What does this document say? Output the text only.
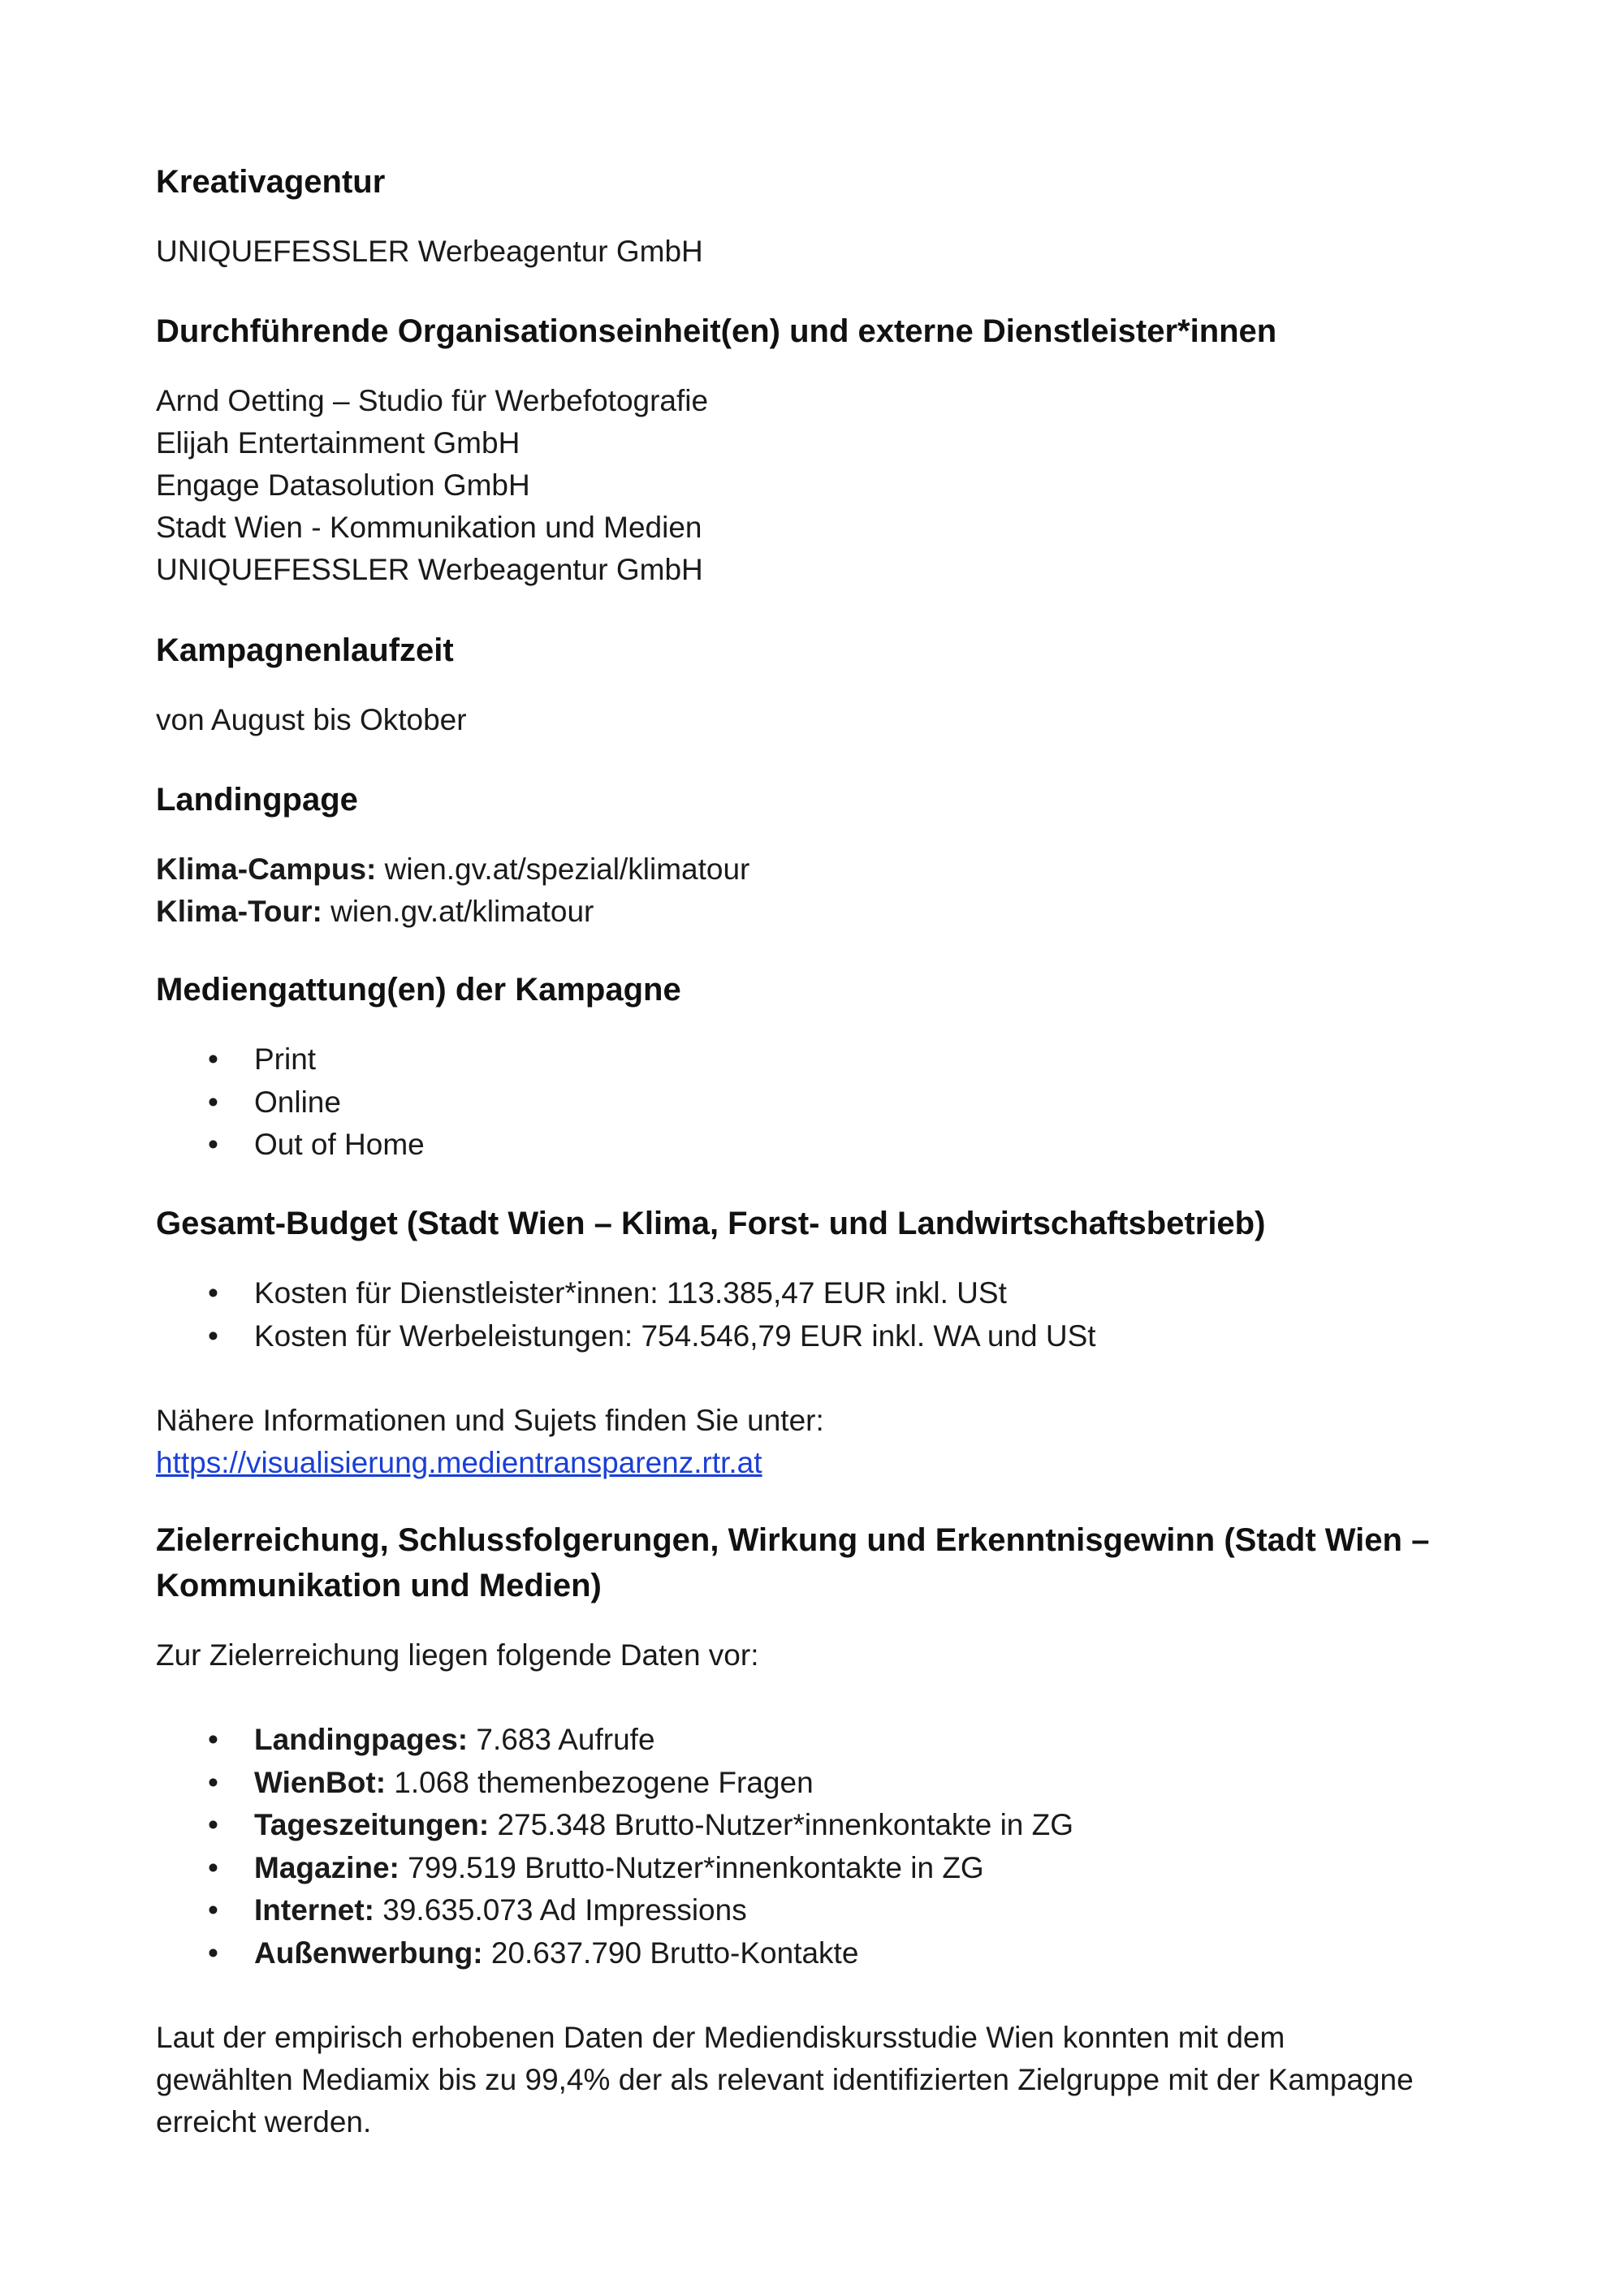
Kreativagentur

UNIQUEFESSLER Werbeagentur GmbH

Durchführende Organisationseinheit(en) und externe Dienstleister*innen
Arnd Oetting – Studio für Werbefotografie
Elijah Entertainment GmbH
Engage Datasolution GmbH
Stadt Wien - Kommunikation und Medien
UNIQUEFESSLER Werbeagentur GmbH
Kampagnenlaufzeit

von August bis Oktober

Landingpage
Klima-Campus: wien.gv.at/spezial/klimatour
Klima-Tour: wien.gv.at/klimatour
Mediengattung(en) der Kampagne
• Print
• Online
• Out of Home
Gesamt-Budget (Stadt Wien – Klima, Forst- und Landwirtschaftsbetrieb)
• Kosten für Dienstleister*innen: 113.385,47 EUR inkl. USt
• Kosten für Werbeleistungen: 754.546,79 EUR inkl. WA und USt
Nähere Informationen und Sujets finden Sie unter:
https://visualisierung.medientransparenz.rtr.at
Zielerreichung, Schlussfolgerungen, Wirkung und Erkenntnisgewinn (Stadt Wien –
Kommunikation und Medien)

Zur Zielerreichung liegen folgende Daten vor:

• Landingpages: 7.683 Aufrufe
• WienBot: 1.068 themenbezogene Fragen
• Tageszeitungen: 275.348 Brutto-Nutzer*innenkontakte in ZG
• Magazine: 799.519 Brutto-Nutzer*innenkontakte in ZG
• Internet: 39.635.073 Ad Impressions
• Außenwerbung: 20.637.790 Brutto-Kontakte
Laut der empirisch erhobenen Daten der Mediendiskursstudie Wien konnten mit dem
gewählten Mediamix bis zu 99,4% der als relevant identifizierten Zielgruppe mit der Kampagne
erreicht werden.
